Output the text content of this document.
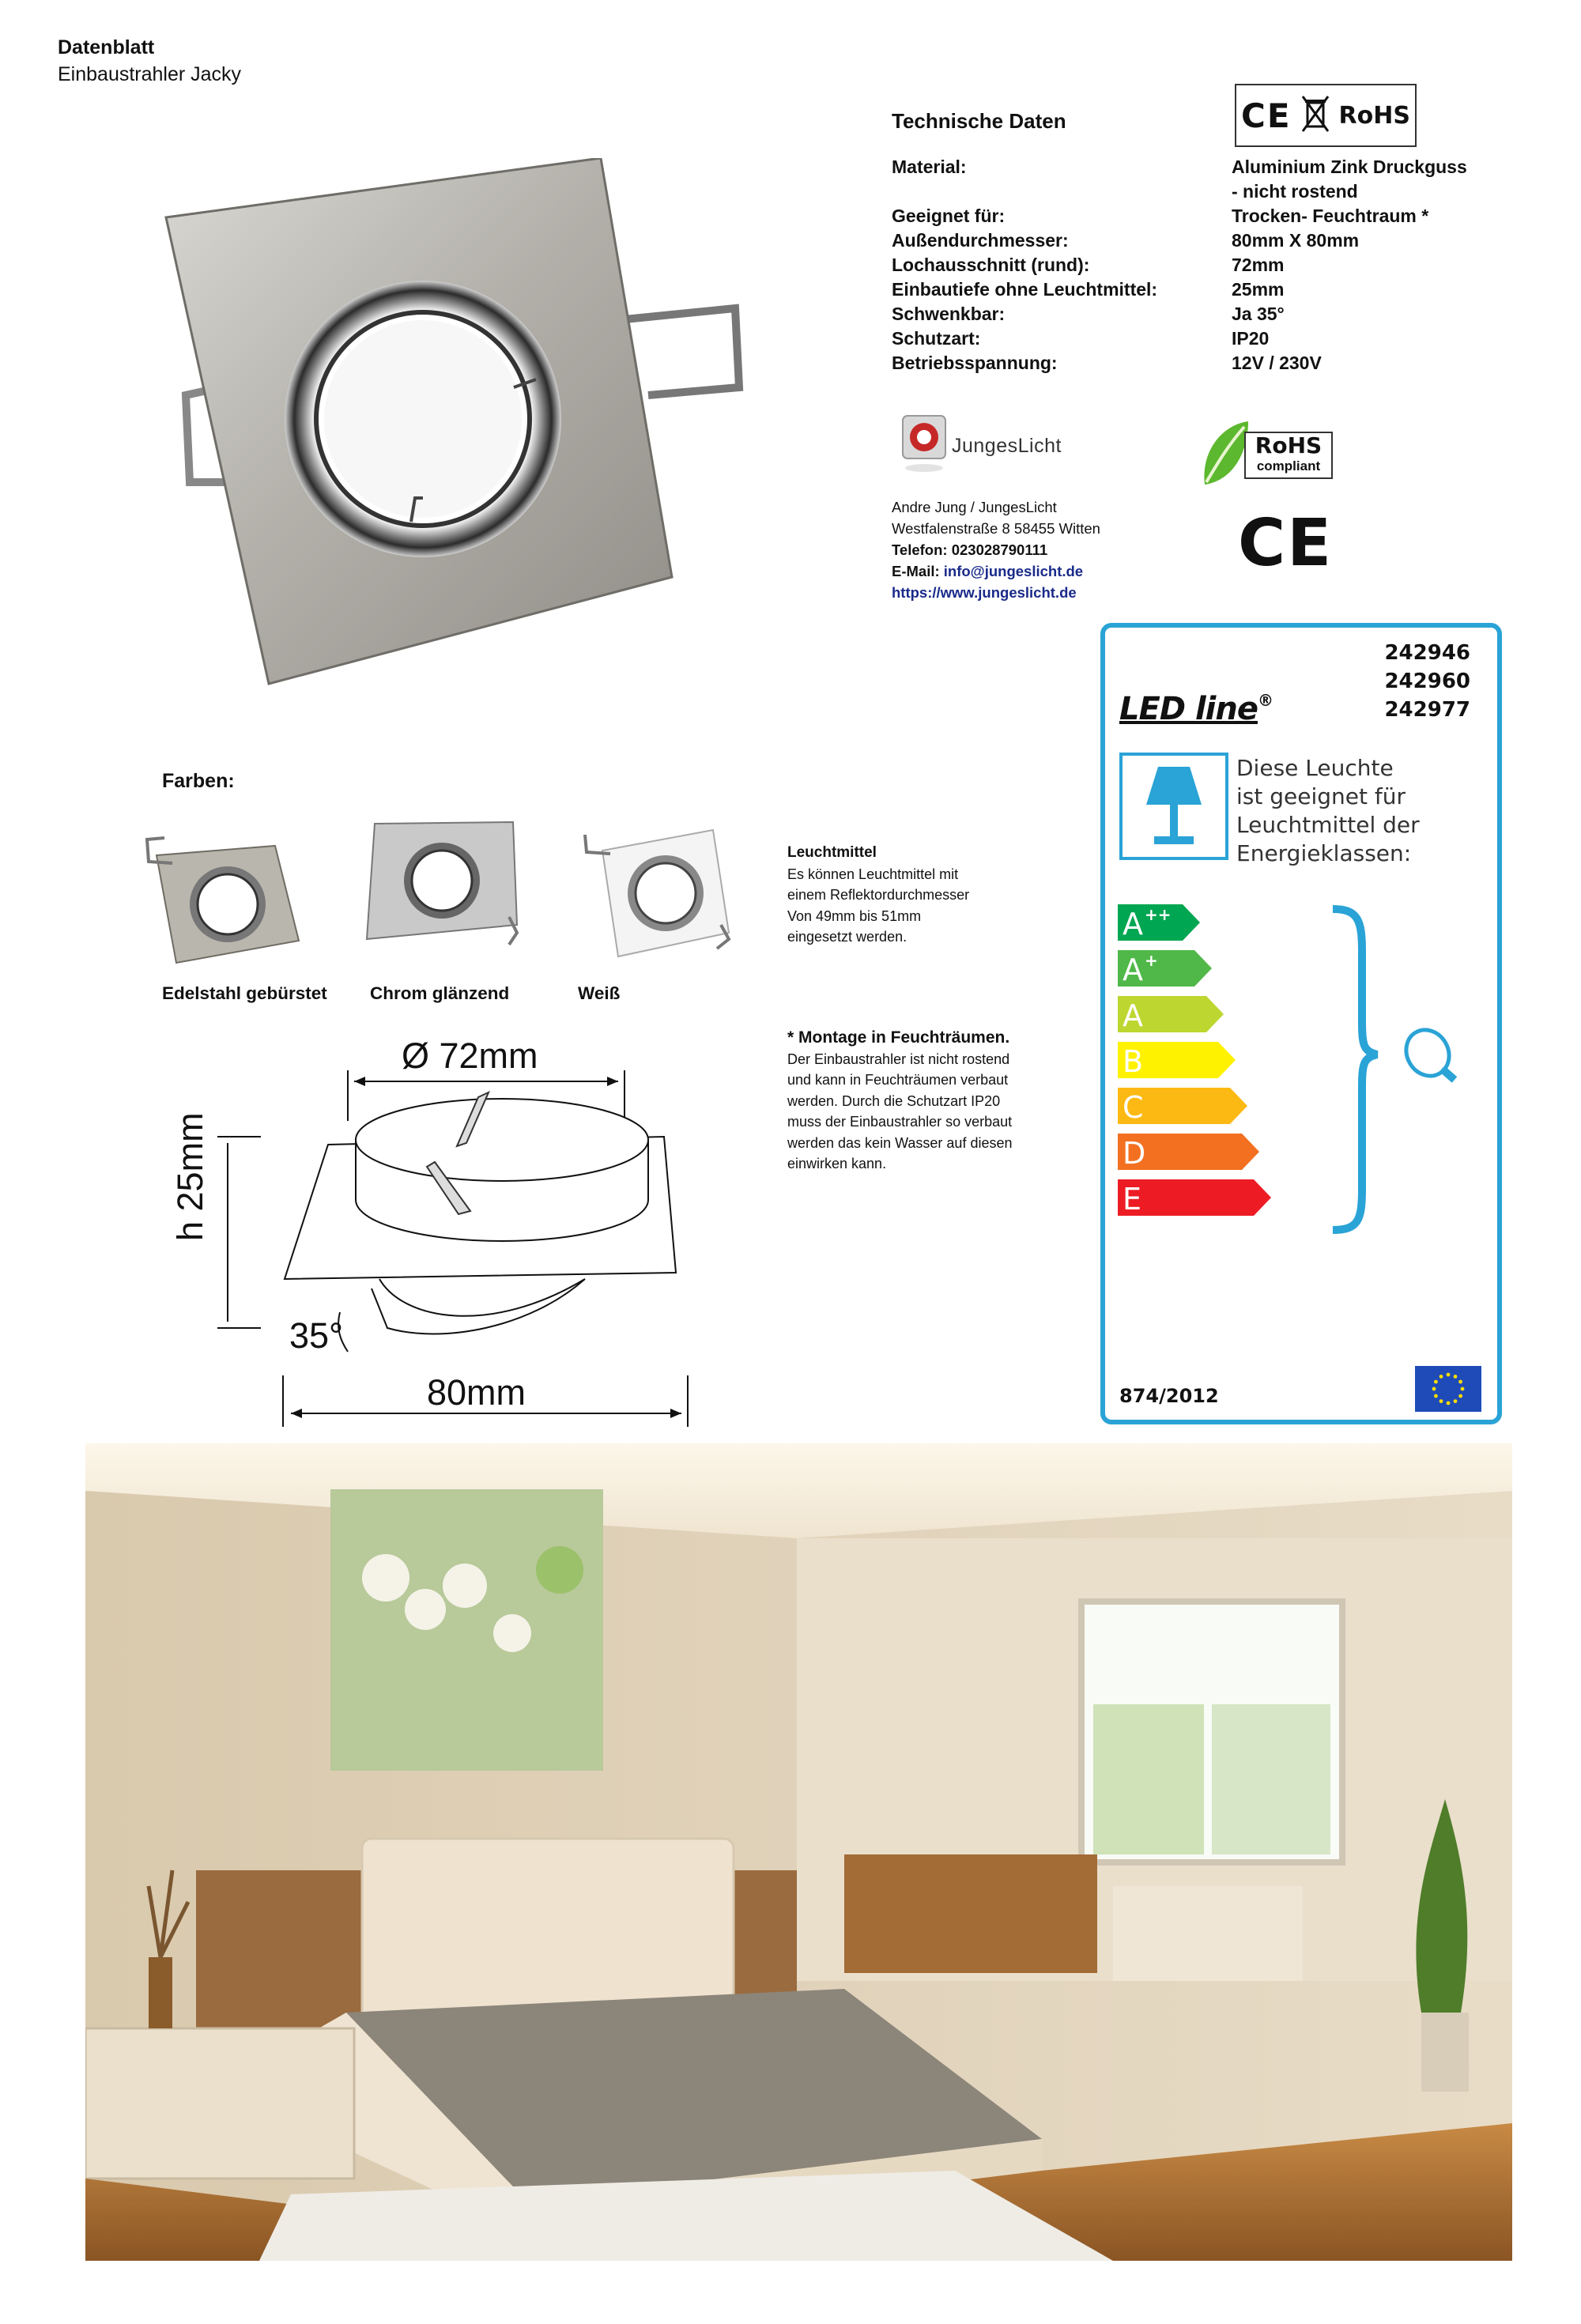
Datenblatt
Einbaustrahler Jacky
Technische Daten
Material:

Geeignet für:
Außendurchmesser:
Lochausschnitt (rund):
Einbautiefe ohne Leuchtmittel:
Schwenkbar:
Schutzart:
Betriebsspannung:
Aluminium Zink Druckguss
- nicht rostend
Trocken- Feuchtraum *
80mm X 80mm
72mm
25mm
Ja 35°
IP20
12V / 230V
CE RoHS
JungesLicht	RoHS
compliant
CE
Andre Jung / JungesLicht
Westfalenstraße 8 58455 Witten
Telefon: 023028790111
E-Mail: info@jungeslicht.de
https://www.jungeslicht.de
Farben:
Edelstahl gebürstet Chrom glänzend	Weiß
Leuchtmittel
Es können Leuchtmittel mit
einem Reflektordurchmesser
Von 49mm bis 51mm
eingesetzt werden.
* Montage in Feuchträumen.
Der Einbaustrahler ist nicht rostend
und kann in Feuchträumen verbaut
werden. Durch die Schutzart IP20
muss der Einbaustrahler so verbaut
werden das kein Wasser auf diesen
einwirken kann.
Ø 72mm
h 25mm
35°
80mm
242946
242960
242977
LED line®
Diese Leuchte
ist geeignet für
Leuchtmittel der
Energieklassen:
A ++
A +
A
B
C
D
E
874/2012
